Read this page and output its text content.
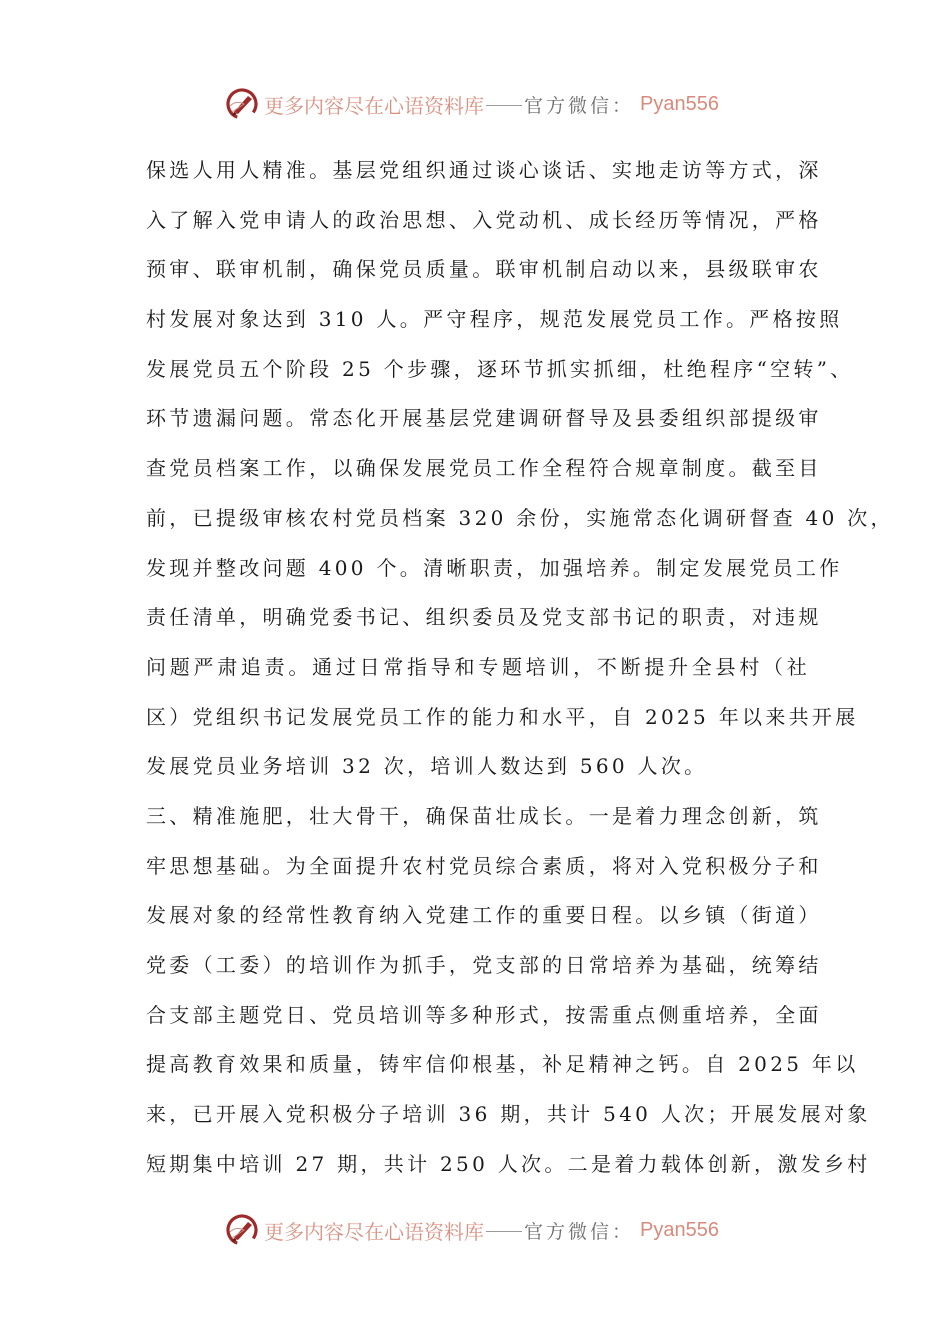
更多内容尽在心语资料库 官方微信： Pyan556
保选人用人精准。基层党组织通过谈心谈话、实地走访等方式，深
入了解入党申请人的政治思想、入党动机、成长经历等情况，严格
预审、联审机制，确保党员质量。联审机制启动以来，县级联审农
村发展对象达到 310 人。严守程序，规范发展党员工作。严格按照
发展党员五个阶段 25 个步骤，逐环节抓实抓细，杜绝程序“空转”、
环节遗漏问题。常态化开展基层党建调研督导及县委组织部提级审
查党员档案工作，以确保发展党员工作全程符合规章制度。截至目
前，已提级审核农村党员档案 320 余份，实施常态化调研督查 40 次，
发现并整改问题 400 个。清晰职责，加强培养。制定发展党员工作
责任清单，明确党委书记、组织委员及党支部书记的职责，对违规
问题严肃追责。通过日常指导和专题培训，不断提升全县村（社
区）党组织书记发展党员工作的能力和水平，自 2025 年以来共开展
发展党员业务培训 32 次，培训人数达到 560 人次。
三、精准施肥，壮大骨干，确保苗壮成长。一是着力理念创新，筑
牢思想基础。为全面提升农村党员综合素质，将对入党积极分子和
发展对象的经常性教育纳入党建工作的重要日程。以乡镇（街道）
党委（工委）的培训作为抓手，党支部的日常培养为基础，统筹结
合支部主题党日、党员培训等多种形式，按需重点侧重培养，全面
提高教育效果和质量，铸牢信仰根基，补足精神之钙。自 2025 年以
来，已开展入党积极分子培训 36 期，共计 540 人次；开展发展对象
短期集中培训 27 期，共计 250 人次。二是着力载体创新，激发乡村
更多内容尽在心语资料库 官方微信： Pyan556
